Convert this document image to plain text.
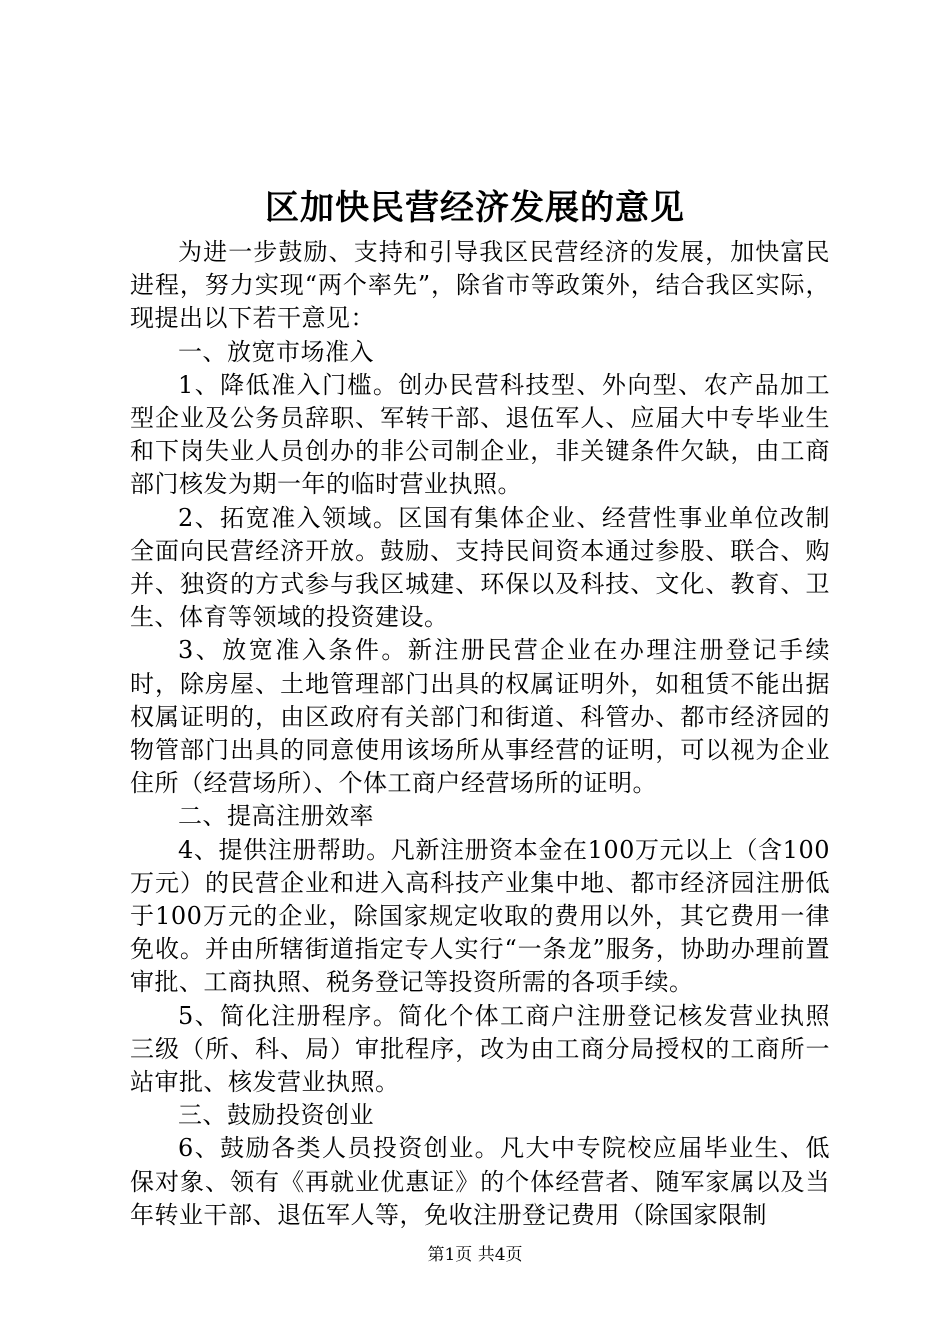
区加快民营经济发展的意见

为进一步鼓励、支持和引导我区民营经济的发展，加快富民进程，努力实现“两个率先”，除省市等政策外，结合我区实际，现提出以下若干意见：

一、放宽市场准入

1、降低准入门槛。创办民营科技型、外向型、农产品加工型企业及公务员辞职、军转干部、退伍军人、应届大中专毕业生和下岗失业人员创办的非公司制企业，非关键条件欠缺，由工商部门核发为期一年的临时营业执照。

2、拓宽准入领域。区国有集体企业、经营性事业单位改制全面向民营经济开放。鼓励、支持民间资本通过参股、联合、购并、独资的方式参与我区城建、环保以及科技、文化、教育、卫生、体育等领域的投资建设。

3、放宽准入条件。新注册民营企业在办理注册登记手续时，除房屋、土地管理部门出具的权属证明外，如租赁不能出据权属证明的，由区政府有关部门和街道、科管办、都市经济园的物管部门出具的同意使用该场所从事经营的证明，可以视为企业住所（经营场所）、个体工商户经营场所的证明。

二、提高注册效率

4、提供注册帮助。凡新注册资本金在100万元以上（含100万元）的民营企业和进入高科技产业集中地、都市经济园注册低于100万元的企业，除国家规定收取的费用以外，其它费用一律免收。并由所辖街道指定专人实行“一条龙”服务，协助办理前置审批、工商执照、税务登记等投资所需的各项手续。

5、简化注册程序。简化个体工商户注册登记核发营业执照三级（所、科、局）审批程序，改为由工商分局授权的工商所一站审批、核发营业执照。

三、鼓励投资创业

6、鼓励各类人员投资创业。凡大中专院校应届毕业生、低保对象、领有《再就业优惠证》的个体经营者、随军家属以及当年转业干部、退伍军人等，免收注册登记费用（除国家限制

第1页 共4页
